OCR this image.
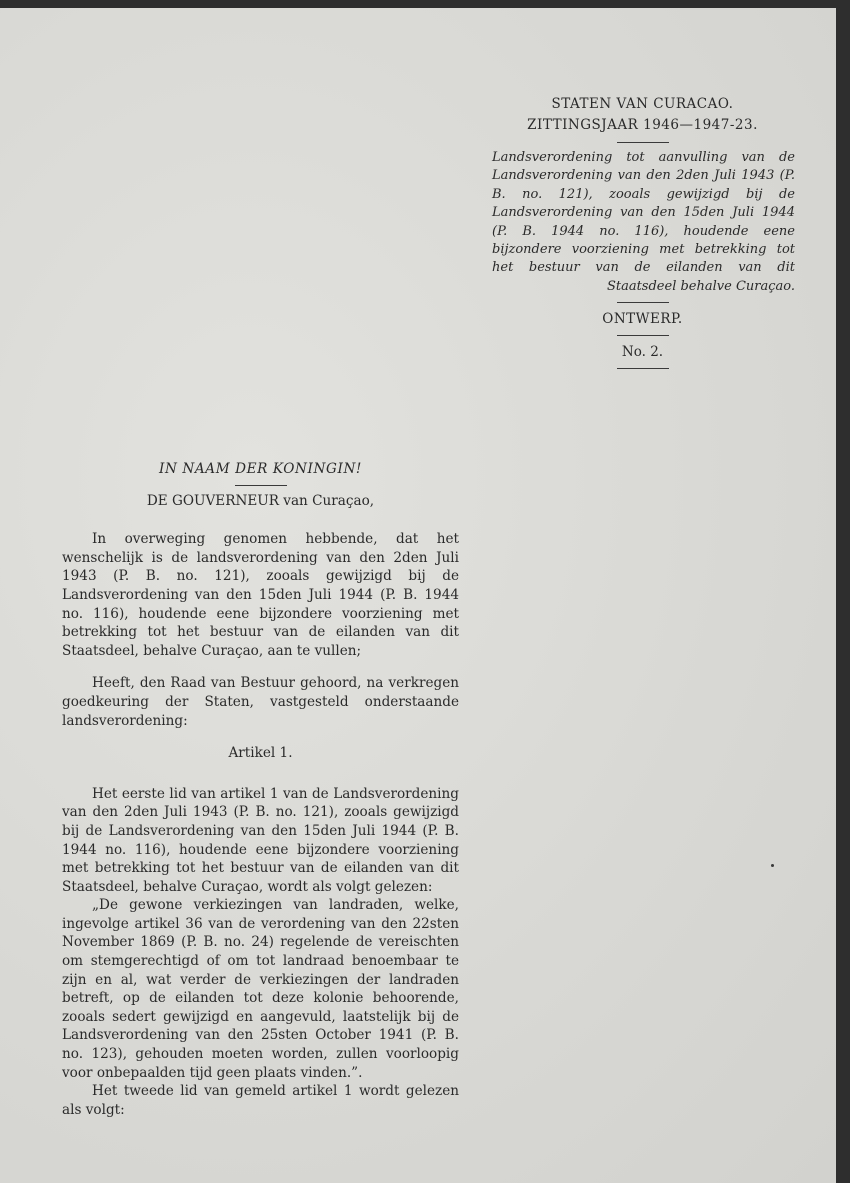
STATEN VAN CURACAO.

ZITTINGSJAAR 1946—1947-23.

Landsverordening tot aanvulling van de Landsverordening van den 2den Juli 1943 (P. B. no. 121), zooals gewijzigd bij de Landsverordening van den 15den Juli 1944 (P. B. 1944 no. 116), houdende eene bijzondere voorziening met betrekking tot het bestuur van de eilanden van dit Staatsdeel behalve Curaçao.

ONTWERP.

No. 2.

IN NAAM DER KONINGIN!

DE GOUVERNEUR van Curaçao,

In overweging genomen hebbende, dat het wenschelijk is de landsverordening van den 2den Juli 1943 (P. B. no. 121), zooals gewijzigd bij de Landsverordening van den 15den Juli 1944 (P. B. 1944 no. 116), houdende eene bijzondere voorziening met betrekking tot het bestuur van de eilanden van dit Staatsdeel, behalve Curaçao, aan te vullen;

Heeft, den Raad van Bestuur gehoord, na verkregen goedkeuring der Staten, vastgesteld onderstaande landsverordening:

Artikel 1.

Het eerste lid van artikel 1 van de Landsverordening van den 2den Juli 1943 (P. B. no. 121), zooals gewijzigd bij de Landsverordening van den 15den Juli 1944 (P. B. 1944 no. 116), houdende eene bijzondere voorziening met betrekking tot het bestuur van de eilanden van dit Staatsdeel, behalve Curaçao, wordt als volgt gelezen:

„De gewone verkiezingen van landraden, welke, ingevolge artikel 36 van de verordening van den 22sten November 1869 (P. B. no. 24) regelende de vereischten om stemgerechtigd of om tot landraad benoembaar te zijn en al, wat verder de verkiezingen der landraden betreft, op de eilanden tot deze kolonie behoorende, zooals sedert gewijzigd en aangevuld, laatstelijk bij de Landsverordening van den 25sten October 1941 (P. B. no. 123), gehouden moeten worden, zullen voorloopig voor onbepaalden tijd geen plaats vinden.”.

Het tweede lid van gemeld artikel 1 wordt gelezen als volgt:
